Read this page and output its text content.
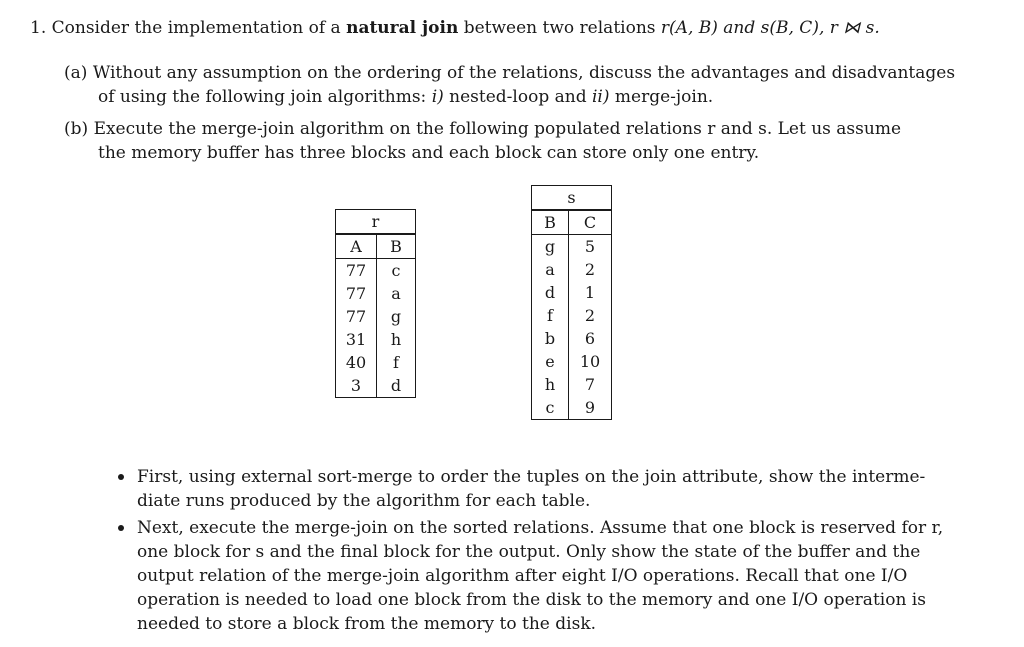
1. Consider the implementation of a natural join between two relations r(A, B) and s(B, C), r ⋈ s.
(a) Without any assumption on the ordering of the relations, discuss the advantages and disadvantages
of using the following join algorithms: i) nested-loop and ii) merge-join.
(b) Execute the merge-join algorithm on the following populated relations r and s. Let us assume
the memory buffer has three blocks and each block can store only one entry.
r	
A	B
77	c
77	a
77	g
31	h
40	f
3	d
s	
B	C
g	5
a	2
d	1
f	2
b	6
e	10
h	7
c	9
First, using external sort-merge to order the tuples on the join attribute, show the interme-
diate runs produced by the algorithm for each table.
Next, execute the merge-join on the sorted relations. Assume that one block is reserved for r,
one block for s and the final block for the output. Only show the state of the buffer and the
output relation of the merge-join algorithm after eight I/O operations. Recall that one I/O
operation is needed to load one block from the disk to the memory and one I/O operation is
needed to store a block from the memory to the disk.
